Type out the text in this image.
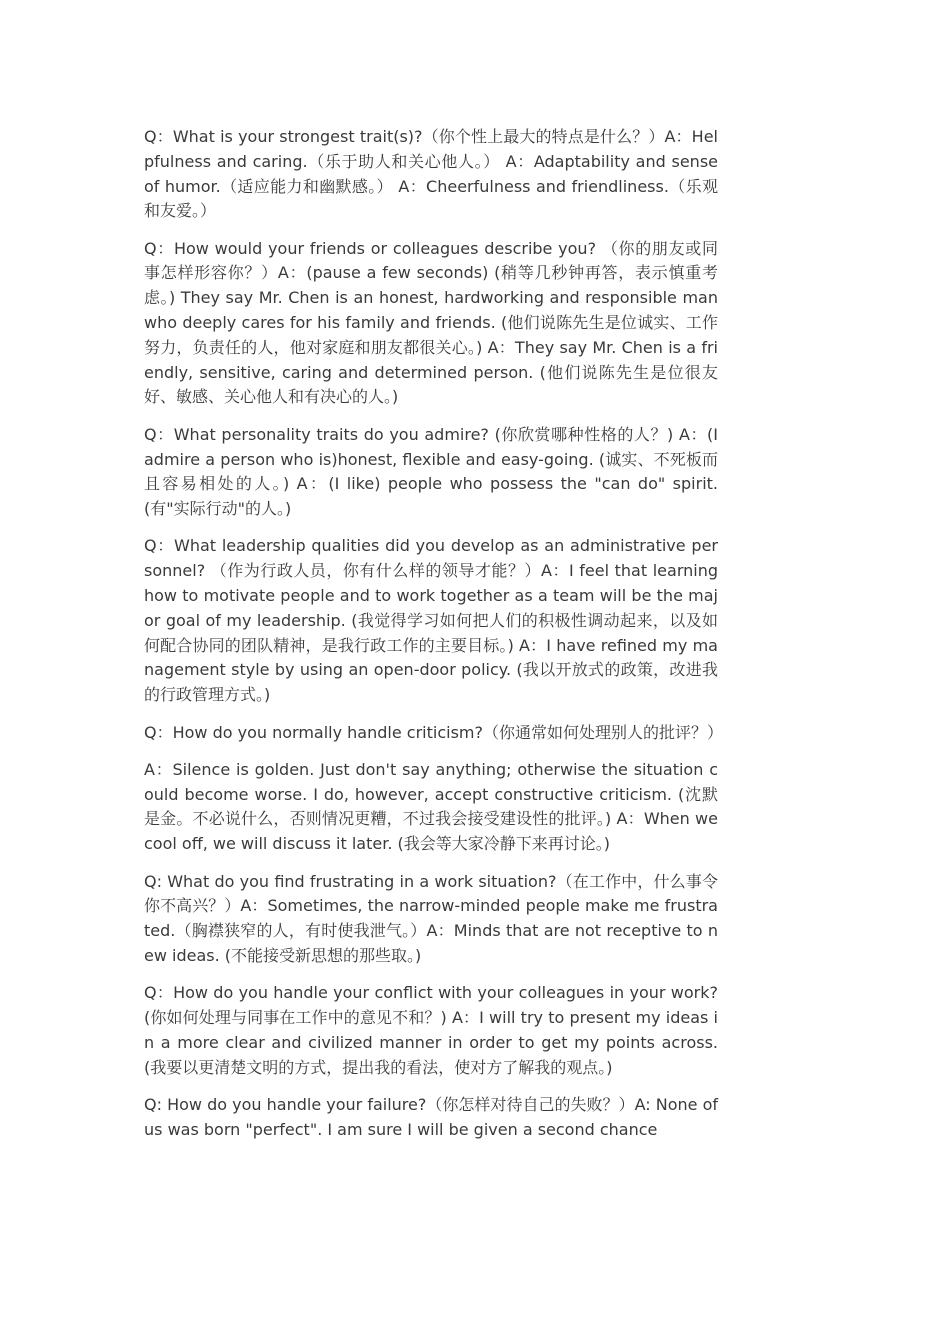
Q：What is your strongest trait(s)?（你个性上最大的特点是什么？）A：Helpfulness and caring.（乐于助人和关心他人。） A：Adaptability and sense of humor.（适应能力和幽默感。） A：Cheerfulness and friendliness.（乐观和友爱。）

Q：How would your friends or colleagues describe you? （你的朋友或同事怎样形容你？）A：(pause a few seconds) (稍等几秒钟再答，表示慎重考虑。) They say Mr. Chen is an honest, hardworking and responsible man who deeply cares for his family and friends. (他们说陈先生是位诚实、工作努力，负责任的人，他对家庭和朋友都很关心。) A：They say Mr. Chen is a friendly, sensitive, caring and determined person. (他们说陈先生是位很友好、敏感、关心他人和有决心的人。)

Q：What personality traits do you admire? (你欣赏哪种性格的人？) A：(I admire a person who is)honest, flexible and easy-going. (诚实、不死板而且容易相处的人。) A：(I like) people who possess the "can do" spirit. (有"实际行动"的人。)

Q：What leadership qualities did you develop as an administrative personnel? （作为行政人员，你有什么样的领导才能？）A：I feel that learning how to motivate people and to work together as a team will be the major goal of my leadership. (我觉得学习如何把人们的积极性调动起来，以及如何配合协同的团队精神，是我行政工作的主要目标。) A：I have refined my management style by using an open-door policy. (我以开放式的政策，改进我的行政管理方式。)

Q：How do you normally handle criticism?（你通常如何处理别人的批评？）

A：Silence is golden. Just don't say anything; otherwise the situation could become worse. I do, however, accept constructive criticism. (沈默是金。不必说什么，否则情况更糟，不过我会接受建设性的批评。) A：When we cool off, we will discuss it later. (我会等大家冷静下来再讨论。)

Q: What do you find frustrating in a work situation?（在工作中，什么事令你不高兴？）A：Sometimes, the narrow-minded people make me frustrated.（胸襟狭窄的人，有时使我泄气。）A：Minds that are not receptive to new ideas. (不能接受新思想的那些取。)

Q：How do you handle your conflict with your colleagues in your work? (你如何处理与同事在工作中的意见不和？) A：I will try to present my ideas in a more clear and civilized manner in order to get my points across. (我要以更清楚文明的方式，提出我的看法，使对方了解我的观点。)

Q: How do you handle your failure?（你怎样对待自己的失败？）A: None of us was born "perfect". I am sure I will be given a second chance
